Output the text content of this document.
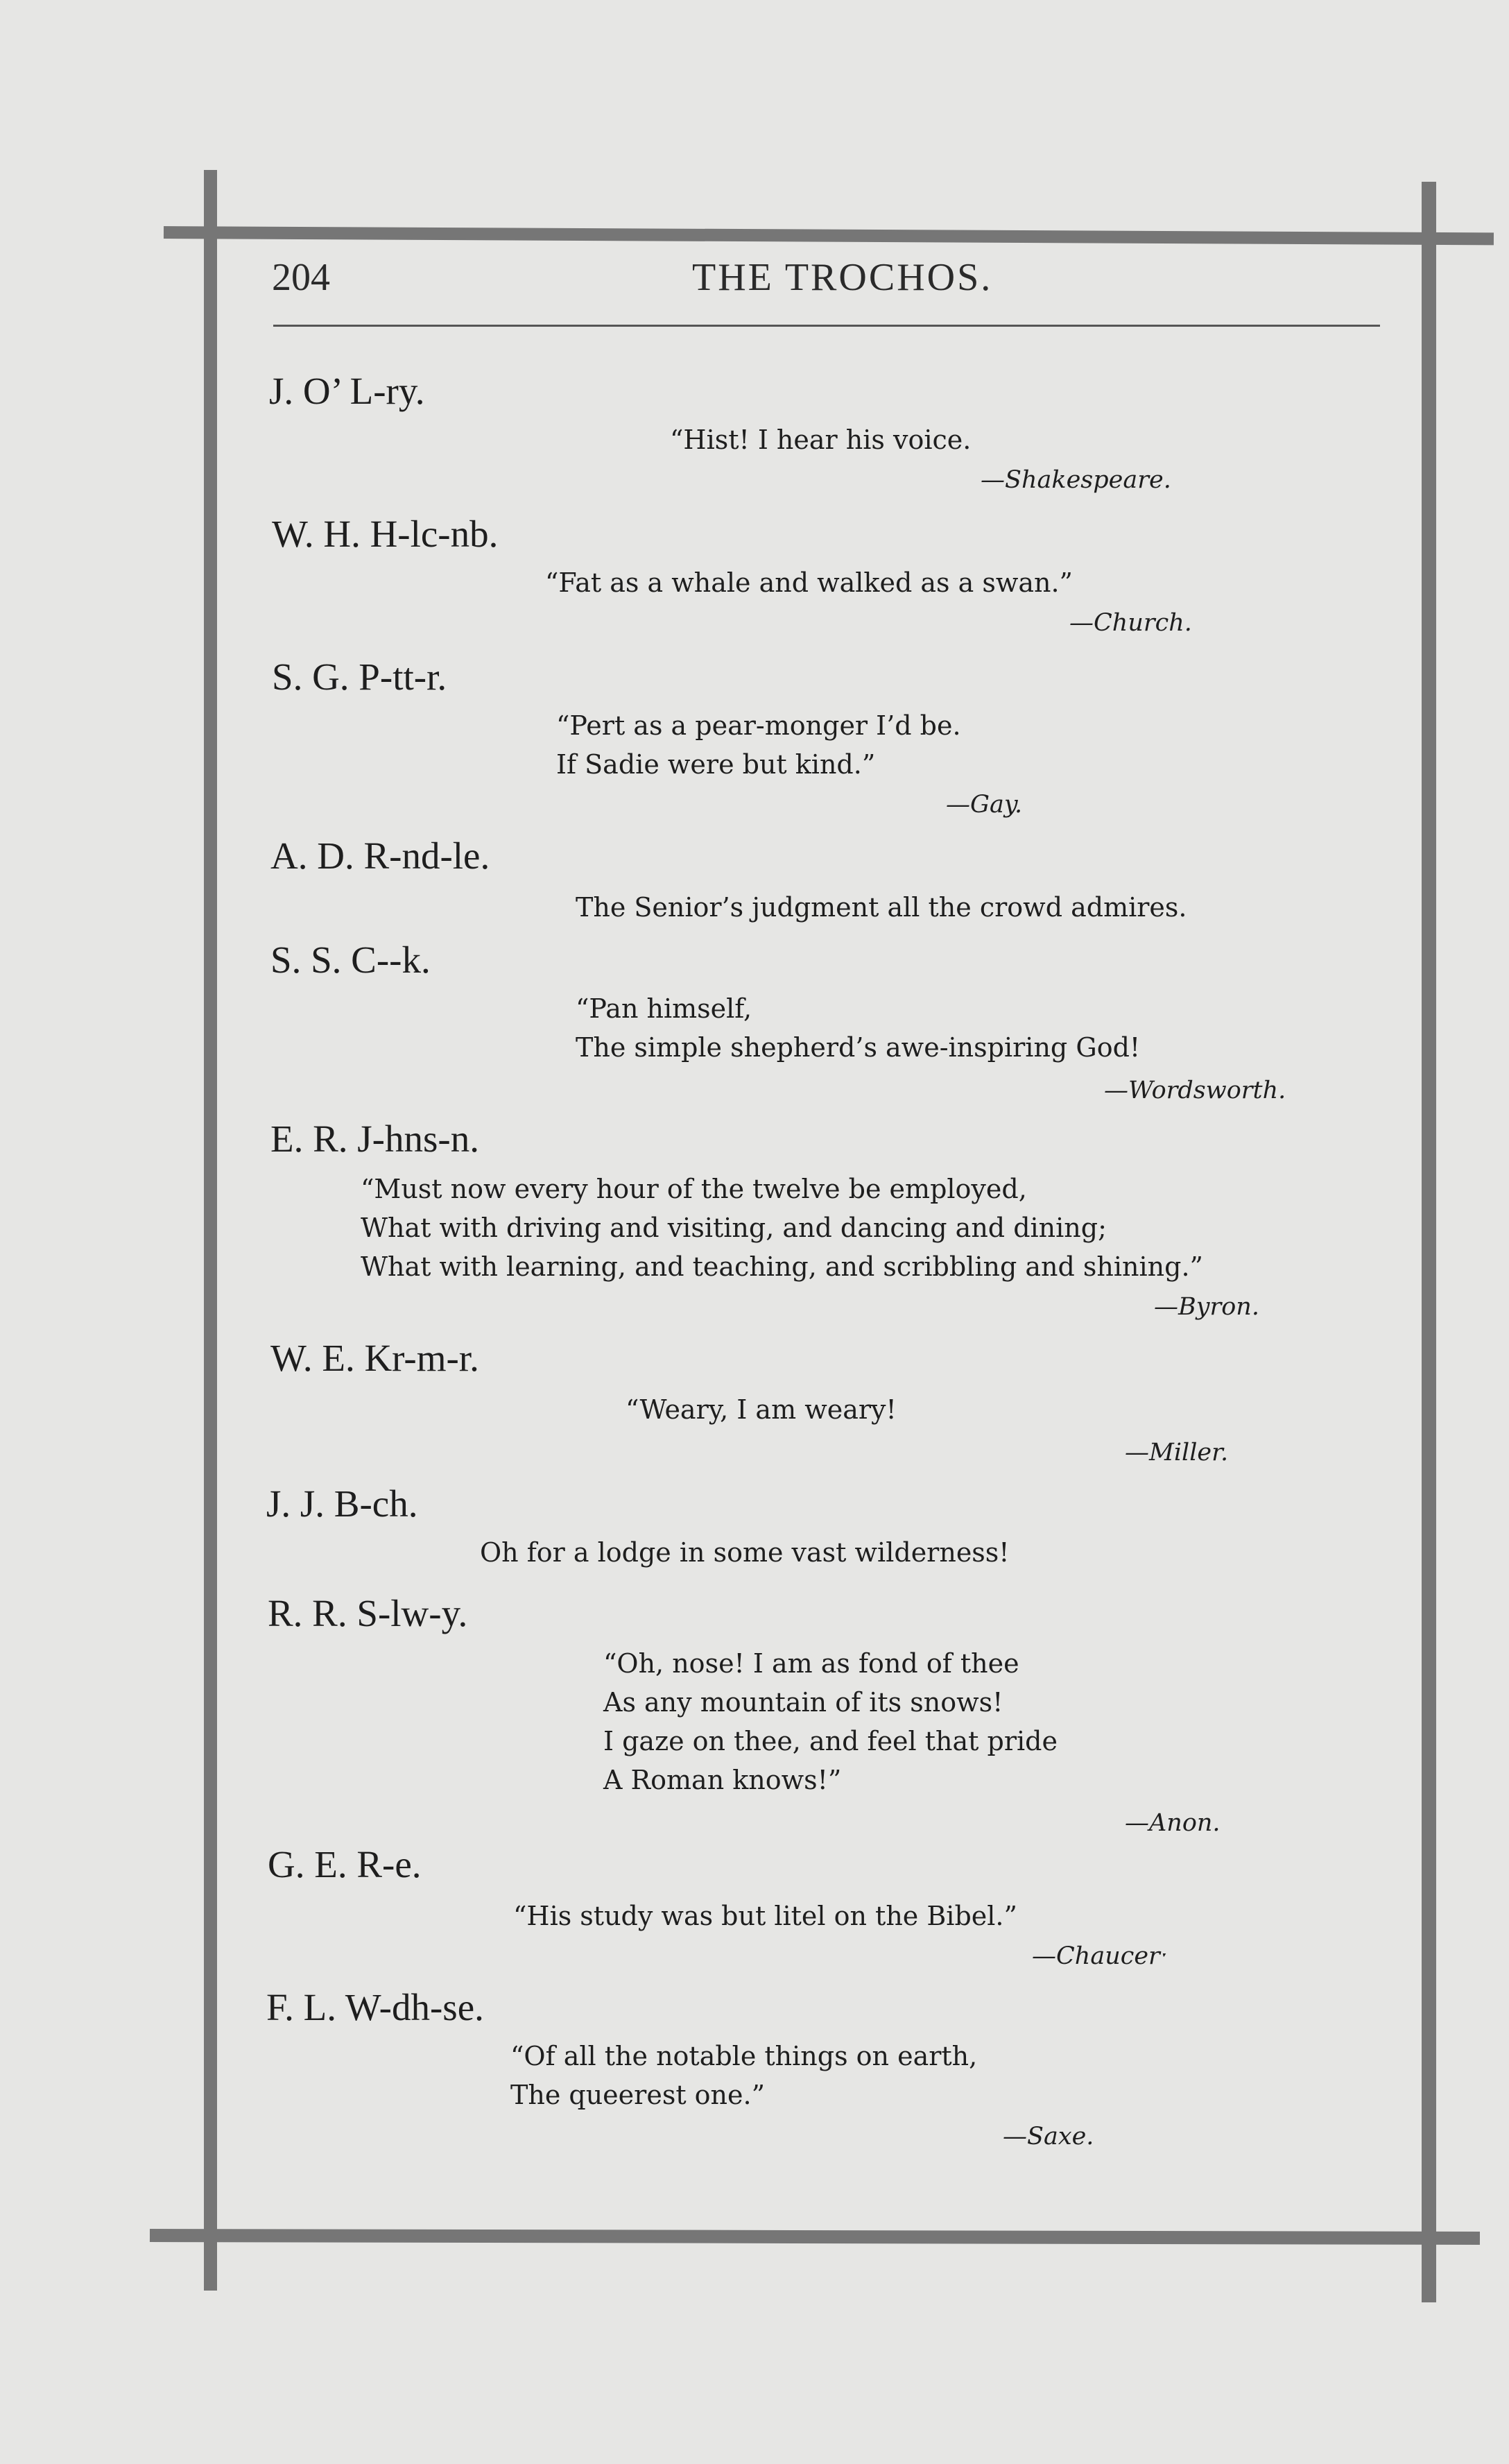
204	THE TROCHOS.
J. O’ L-ry.
“Hist! I hear his voice.
—Shakespeare.
W. H. H-lc-nb.
“Fat as a whale and walked as a swan.”
—Church.
S. G. P-tt-r.
“Pert as a pear-monger I’d be.
If Sadie were but kind.”
—Gay.
A. D. R-nd-le.
The Senior’s judgment all the crowd admires.
S. S. C--k.
“Pan himself,
The simple shepherd’s awe-inspiring God!
—Wordsworth.
E. R. J-hns-n.
“Must now every hour of the twelve be employed,
What with driving and visiting, and dancing and dining;
What with learning, and teaching, and scribbling and shining.”
—Byron.
W. E. Kr-m-r.
“Weary, I am weary!
—Miller.
J. J. B-ch.
Oh for a lodge in some vast wilderness!
R. R. S-lw-y.
“Oh, nose! I am as fond of thee
As any mountain of its snows!
I gaze on thee, and feel that pride
A Roman knows!”
—Anon.
G. E. R-e.
“His study was but litel on the Bibel.”
—Chaucerˑ
F. L. W-dh-se.
“Of all the notable things on earth,
The queerest one.”
—Saxe.
